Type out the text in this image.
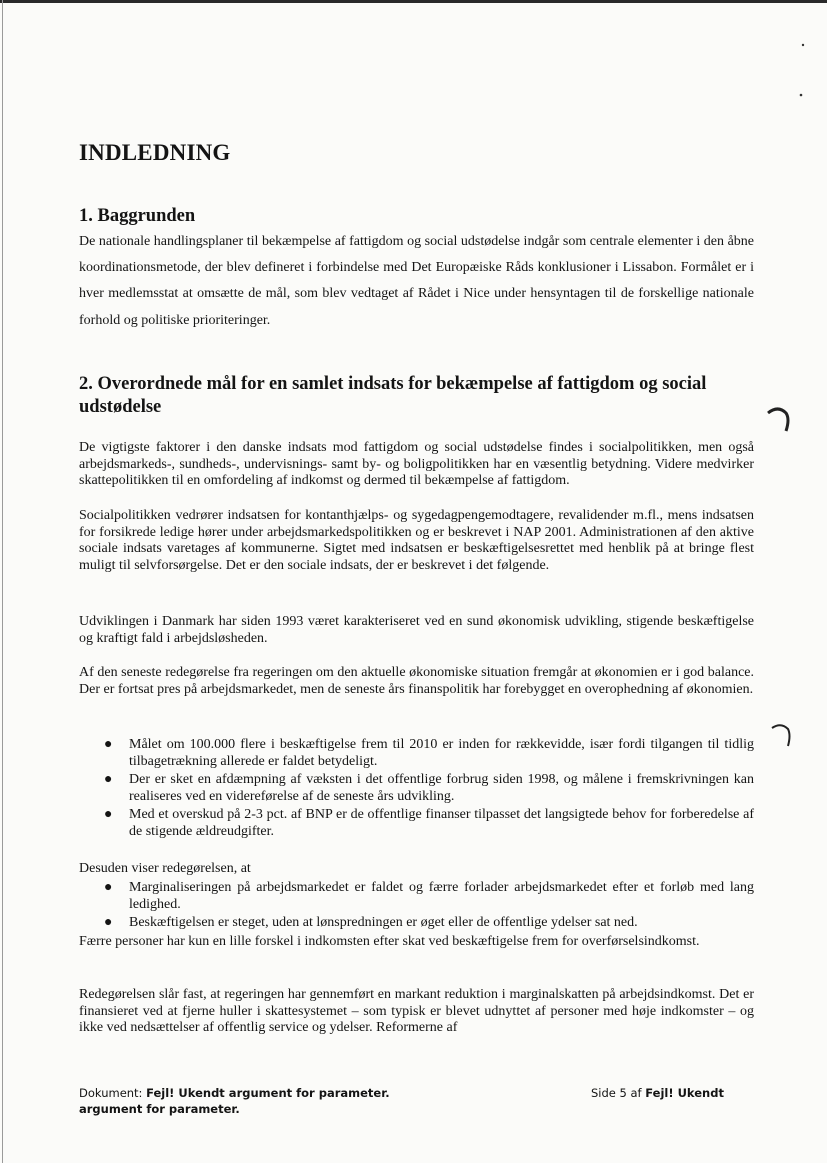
INDLEDNING
1. Baggrunden

De nationale handlingsplaner til bekæmpelse af fattigdom og social udstødelse indgår som centrale elementer i den åbne koordinationsmetode, der blev defineret i forbindelse med Det Europæiske Råds konklusioner i Lissabon. Formålet er i hver medlemsstat at omsætte de mål, som blev vedtaget af Rådet i Nice under hensyntagen til de forskellige nationale forhold og politiske prioriteringer.

2. Overordnede mål for en samlet indsats for bekæmpelse af fattigdom og social
udstødelse

De vigtigste faktorer i den danske indsats mod fattigdom og social udstødelse findes i socialpolitikken, men også arbejdsmarkeds-, sundheds-, undervisnings- samt by- og boligpolitikken har en væsentlig betydning. Videre medvirker skattepolitikken til en omfordeling af indkomst og dermed til bekæmpelse af fattigdom.

Socialpolitikken vedrører indsatsen for kontanthjælps- og sygedagpengemodtagere, revalidender m.fl., mens indsatsen for forsikrede ledige hører under arbejdsmarkedspolitikken og er beskrevet i NAP 2001. Administrationen af den aktive sociale indsats varetages af kommunerne. Sigtet med indsatsen er beskæftigelsesrettet med henblik på at bringe flest muligt til selvforsørgelse. Det er den sociale indsats, der er beskrevet i det følgende.

Udviklingen i Danmark har siden 1993 været karakteriseret ved en sund økonomisk udvikling, stigende beskæftigelse og kraftigt fald i arbejdsløsheden.

Af den seneste redegørelse fra regeringen om den aktuelle økonomiske situation fremgår at økonomien er i god balance. Der er fortsat pres på arbejdsmarkedet, men de seneste års finanspolitik har forebygget en overophedning af økonomien.

● Målet om 100.000 flere i beskæftigelse frem til 2010 er inden for rækkevidde, især fordi tilgangen til tidlig tilbagetrækning allerede er faldet betydeligt.
● Der er sket en afdæmpning af væksten i det offentlige forbrug siden 1998, og målene i fremskrivningen kan realiseres ved en videreførelse af de seneste års udvikling.
● Med et overskud på 2-3 pct. af BNP er de offentlige finanser tilpasset det langsigtede behov for forberedelse af de stigende ældreudgifter.

Desuden viser redegørelsen, at

● Marginaliseringen på arbejdsmarkedet er faldet og færre forlader arbejdsmarkedet efter et forløb med lang ledighed.
● Beskæftigelsen er steget, uden at lønspredningen er øget eller de offentlige ydelser sat ned.

Færre personer har kun en lille forskel i indkomsten efter skat ved beskæftigelse frem for overførselsindkomst.

Redegørelsen slår fast, at regeringen har gennemført en markant reduktion i marginalskatten på arbejdsindkomst. Det er finansieret ved at fjerne huller i skattesystemet – som typisk er blevet udnyttet af personer med høje indkomster – og ikke ved nedsættelser af offentlig service og ydelser. Reformerne af

Dokument: Fejl! Ukendt argument for parameter.
argument for parameter.
Side 5 af Fejl! Ukendt
